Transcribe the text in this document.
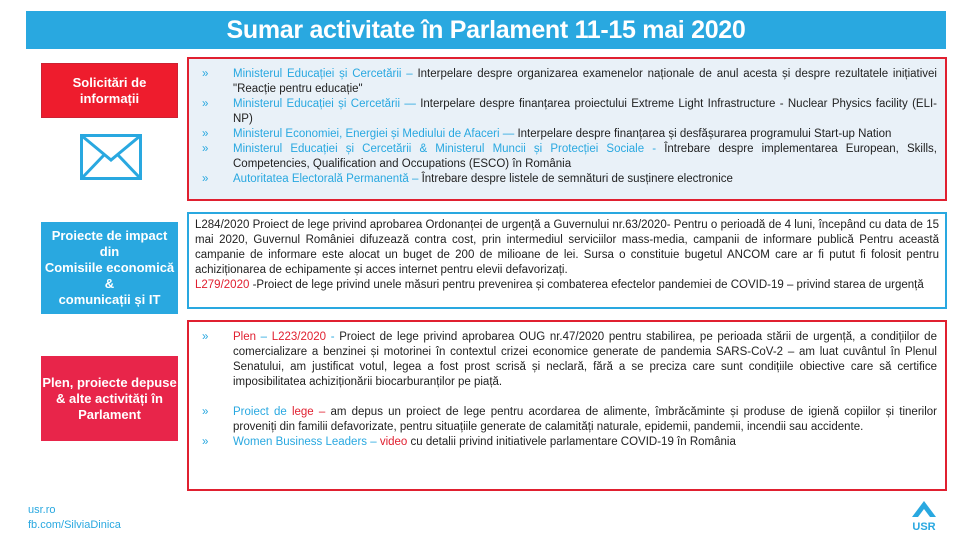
Sumar activitate în Parlament 11-15 mai 2020
Solicitări de
informații
Proiecte de impact
din
Comisiile economică
&
comunicații și IT
Plen, proiecte depuse
& alte activități în
Parlament
»	Ministerul Educației și Cercetării – Interpelare despre organizarea examenelor naționale de anul acesta și despre rezultatele inițiativei "Reacție pentru educație"
»	Ministerul Educației și Cercetării — Interpelare despre finanțarea proiectului Extreme Light Infrastructure - Nuclear Physics facility (ELI-NP)
»	Ministerul Economiei, Energiei și Mediului de Afaceri — Interpelare despre finanțarea și desfășurarea programului Start-up Nation
»	Ministerul Educației și Cercetării & Ministerul Muncii și Protecției Sociale - Întrebare despre implementarea European, Skills, Competencies, Qualification and Occupations (ESCO) în România
»	Autoritatea Electorală Permanentă – Întrebare despre listele de semnături de susținere electronice

L284/2020 Proiect de lege privind aprobarea Ordonanței de urgență a Guvernului nr.63/2020- Pentru o perioadă de 4 luni, începând cu data de 15 mai 2020, Guvernul României difuzează contra cost, prin intermediul serviciilor mass-media, campanii de informare publică Pentru această campanie de informare este alocat un buget de 200 de milioane de lei. Sursa o constituie bugetul ANCOM care ar fi putut fi folosit pentru achiziționarea de echipamente și acces internet pentru elevii defavorizați.

L279/2020 -Proiect de lege privind unele măsuri pentru prevenirea și combaterea efectelor pandemiei de COVID-19 – privind starea de urgență

»	Plen – L223/2020 - Proiect de lege privind aprobarea OUG nr.47/2020 pentru stabilirea, pe perioada stării de urgență, a condițiilor de comercializare a benzinei și motorinei în contextul crizei economice generate de pandemia SARS-CoV-2 – am luat cuvântul în Plenul Senatului, am justificat votul, legea a fost prost scrisă și neclară, fără a se preciza care sunt condițiile obiective care să certifice imposibilitatea achiziționării biocarburanților pe piață.
»	Proiect de lege – am depus un proiect de lege pentru acordarea de alimente, îmbrăcăminte și produse de igienă copiilor și tinerilor proveniți din familii defavorizate, pentru situațiile generate de calamități naturale, epidemii, pandemii, incendii sau accidente.
»	Women Business Leaders – video cu detalii privind initiativele parlamentare COVID-19 în România
usr.ro
fb.com/SilviaDinica	USR
